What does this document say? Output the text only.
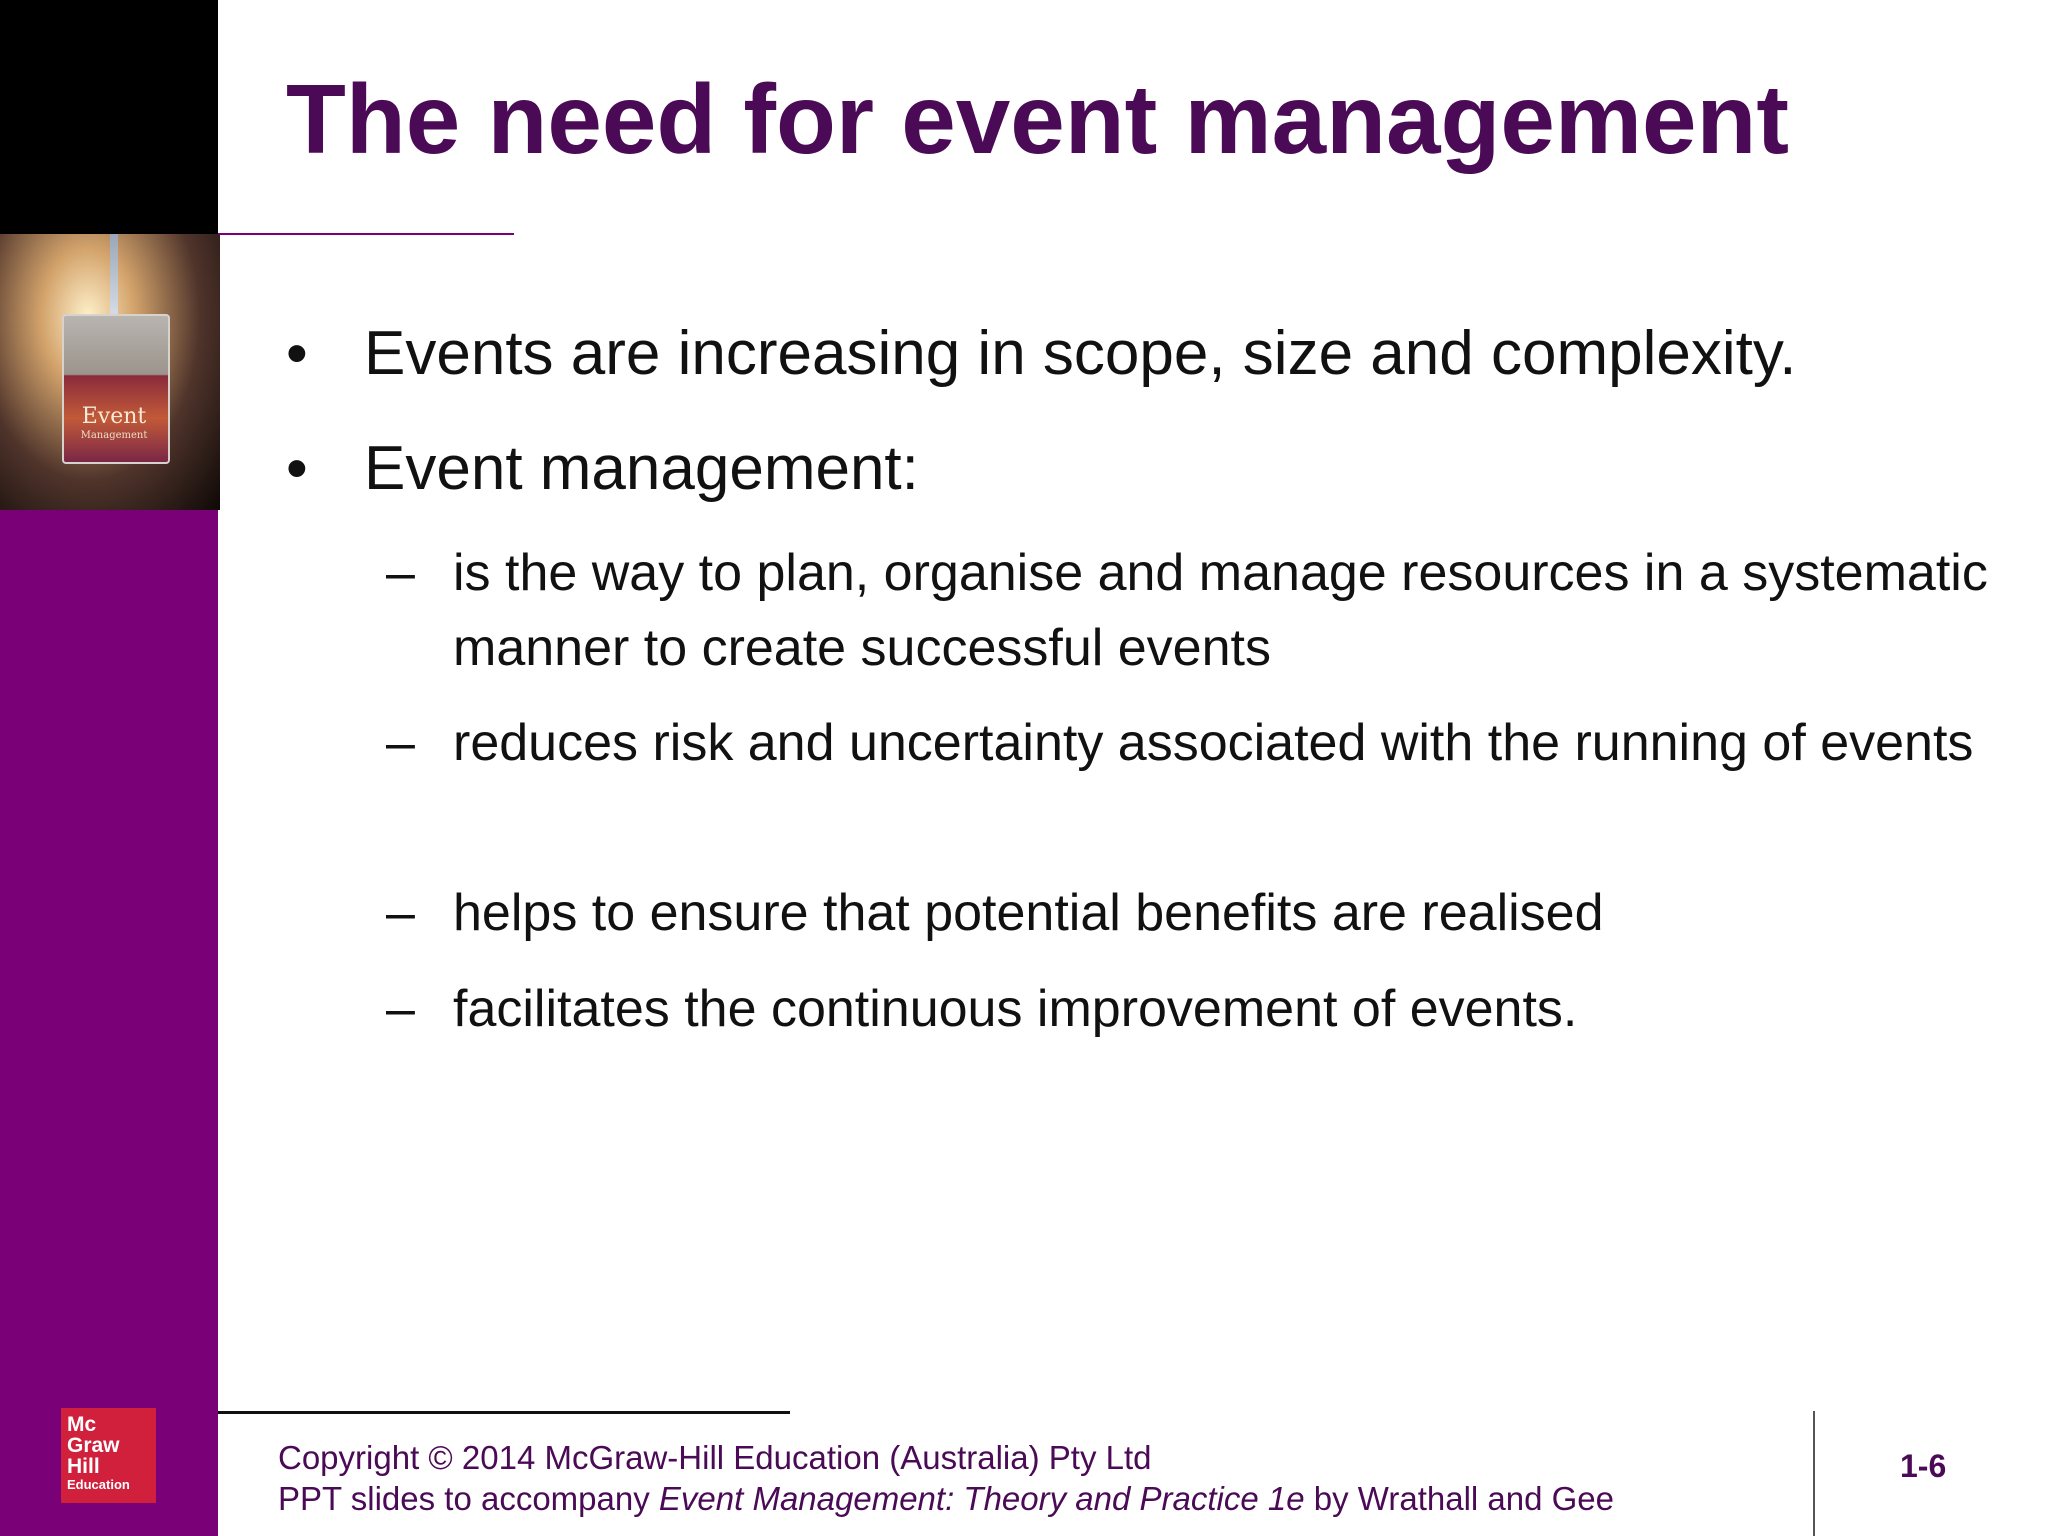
Event
Management
Mc
Graw
Hill
Education
The need for event management
• Events are increasing in scope, size and complexity.
• Event management:
– is the way to plan, organise and manage resources in a systematic manner to create successful events
– reduces risk and uncertainty associated with the running of events
– helps to ensure that potential benefits are realised
– facilitates the continuous improvement of events.
Copyright © 2014 McGraw-Hill Education (Australia) Pty Ltd
PPT slides to accompany Event Management: Theory and Practice 1e by Wrathall and Gee
1-6
